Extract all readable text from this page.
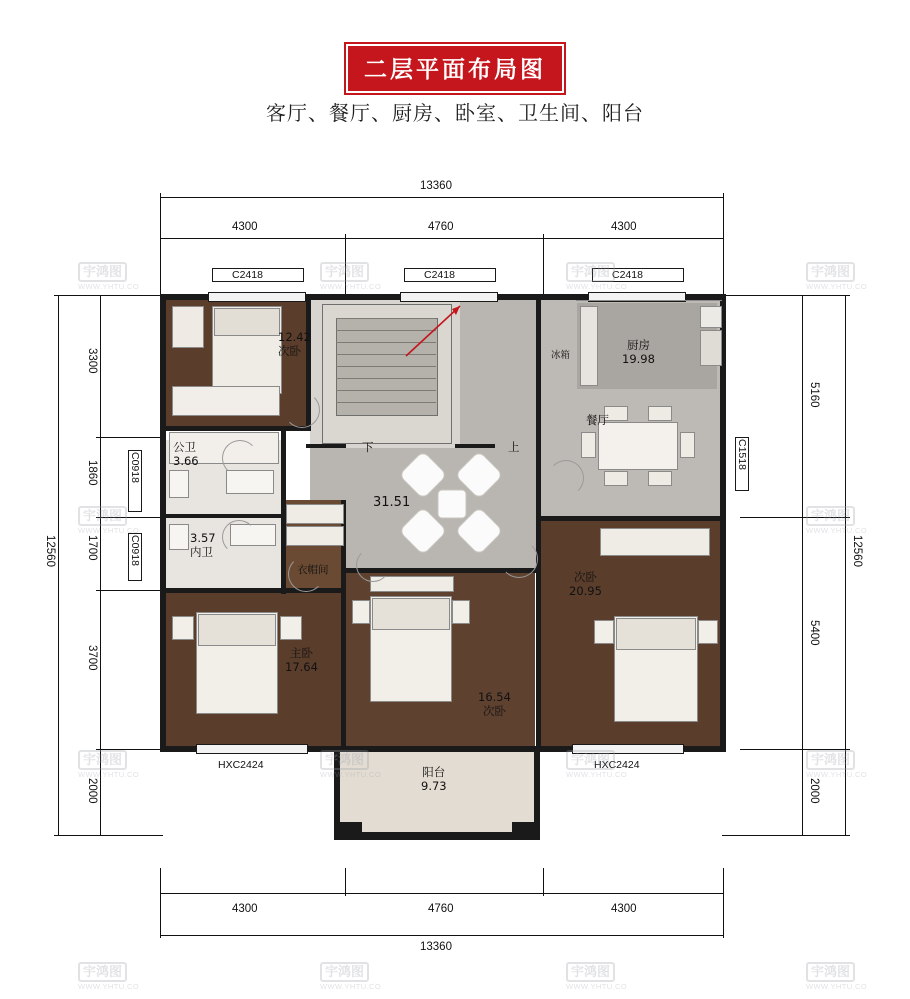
二层平面布局图
客厅、餐厅、厨房、卧室、卫生间、阳台
13360
4300	4760	4300
12560
3300
1860
1700
3700
2000
12560
5160
5400
2000
4300	4760	4300
13360
C2418	C2418	C2418
C0918
C0918
C1518
HXC2424	HXC2424
下	上
冰箱
12.42
次卧	厨房
19.98
餐厅
公卫
3.66
3.57
内卫
衣帽间
31.51
次卧
20.95
主卧
17.64
16.54
次卧
阳台
9.73
宇鸿图
WWW.YHTU.CO
宇鸿图
WWW.YHTU.CO
宇鸿图
WWW.YHTU.CO
宇鸿图
WWW.YHTU.CO
宇鸿图
WWW.YHTU.CO
宇鸿图
WWW.YHTU.CO
宇鸿图
WWW.YHTU.CO
宇鸿图
WWW.YHTU.CO
宇鸿图
WWW.YHTU.CO
宇鸿图
WWW.YHTU.CO
宇鸿图
WWW.YHTU.CO
宇鸿图
WWW.YHTU.CO
宇鸿图
WWW.YHTU.CO
宇鸿图
WWW.YHTU.CO
